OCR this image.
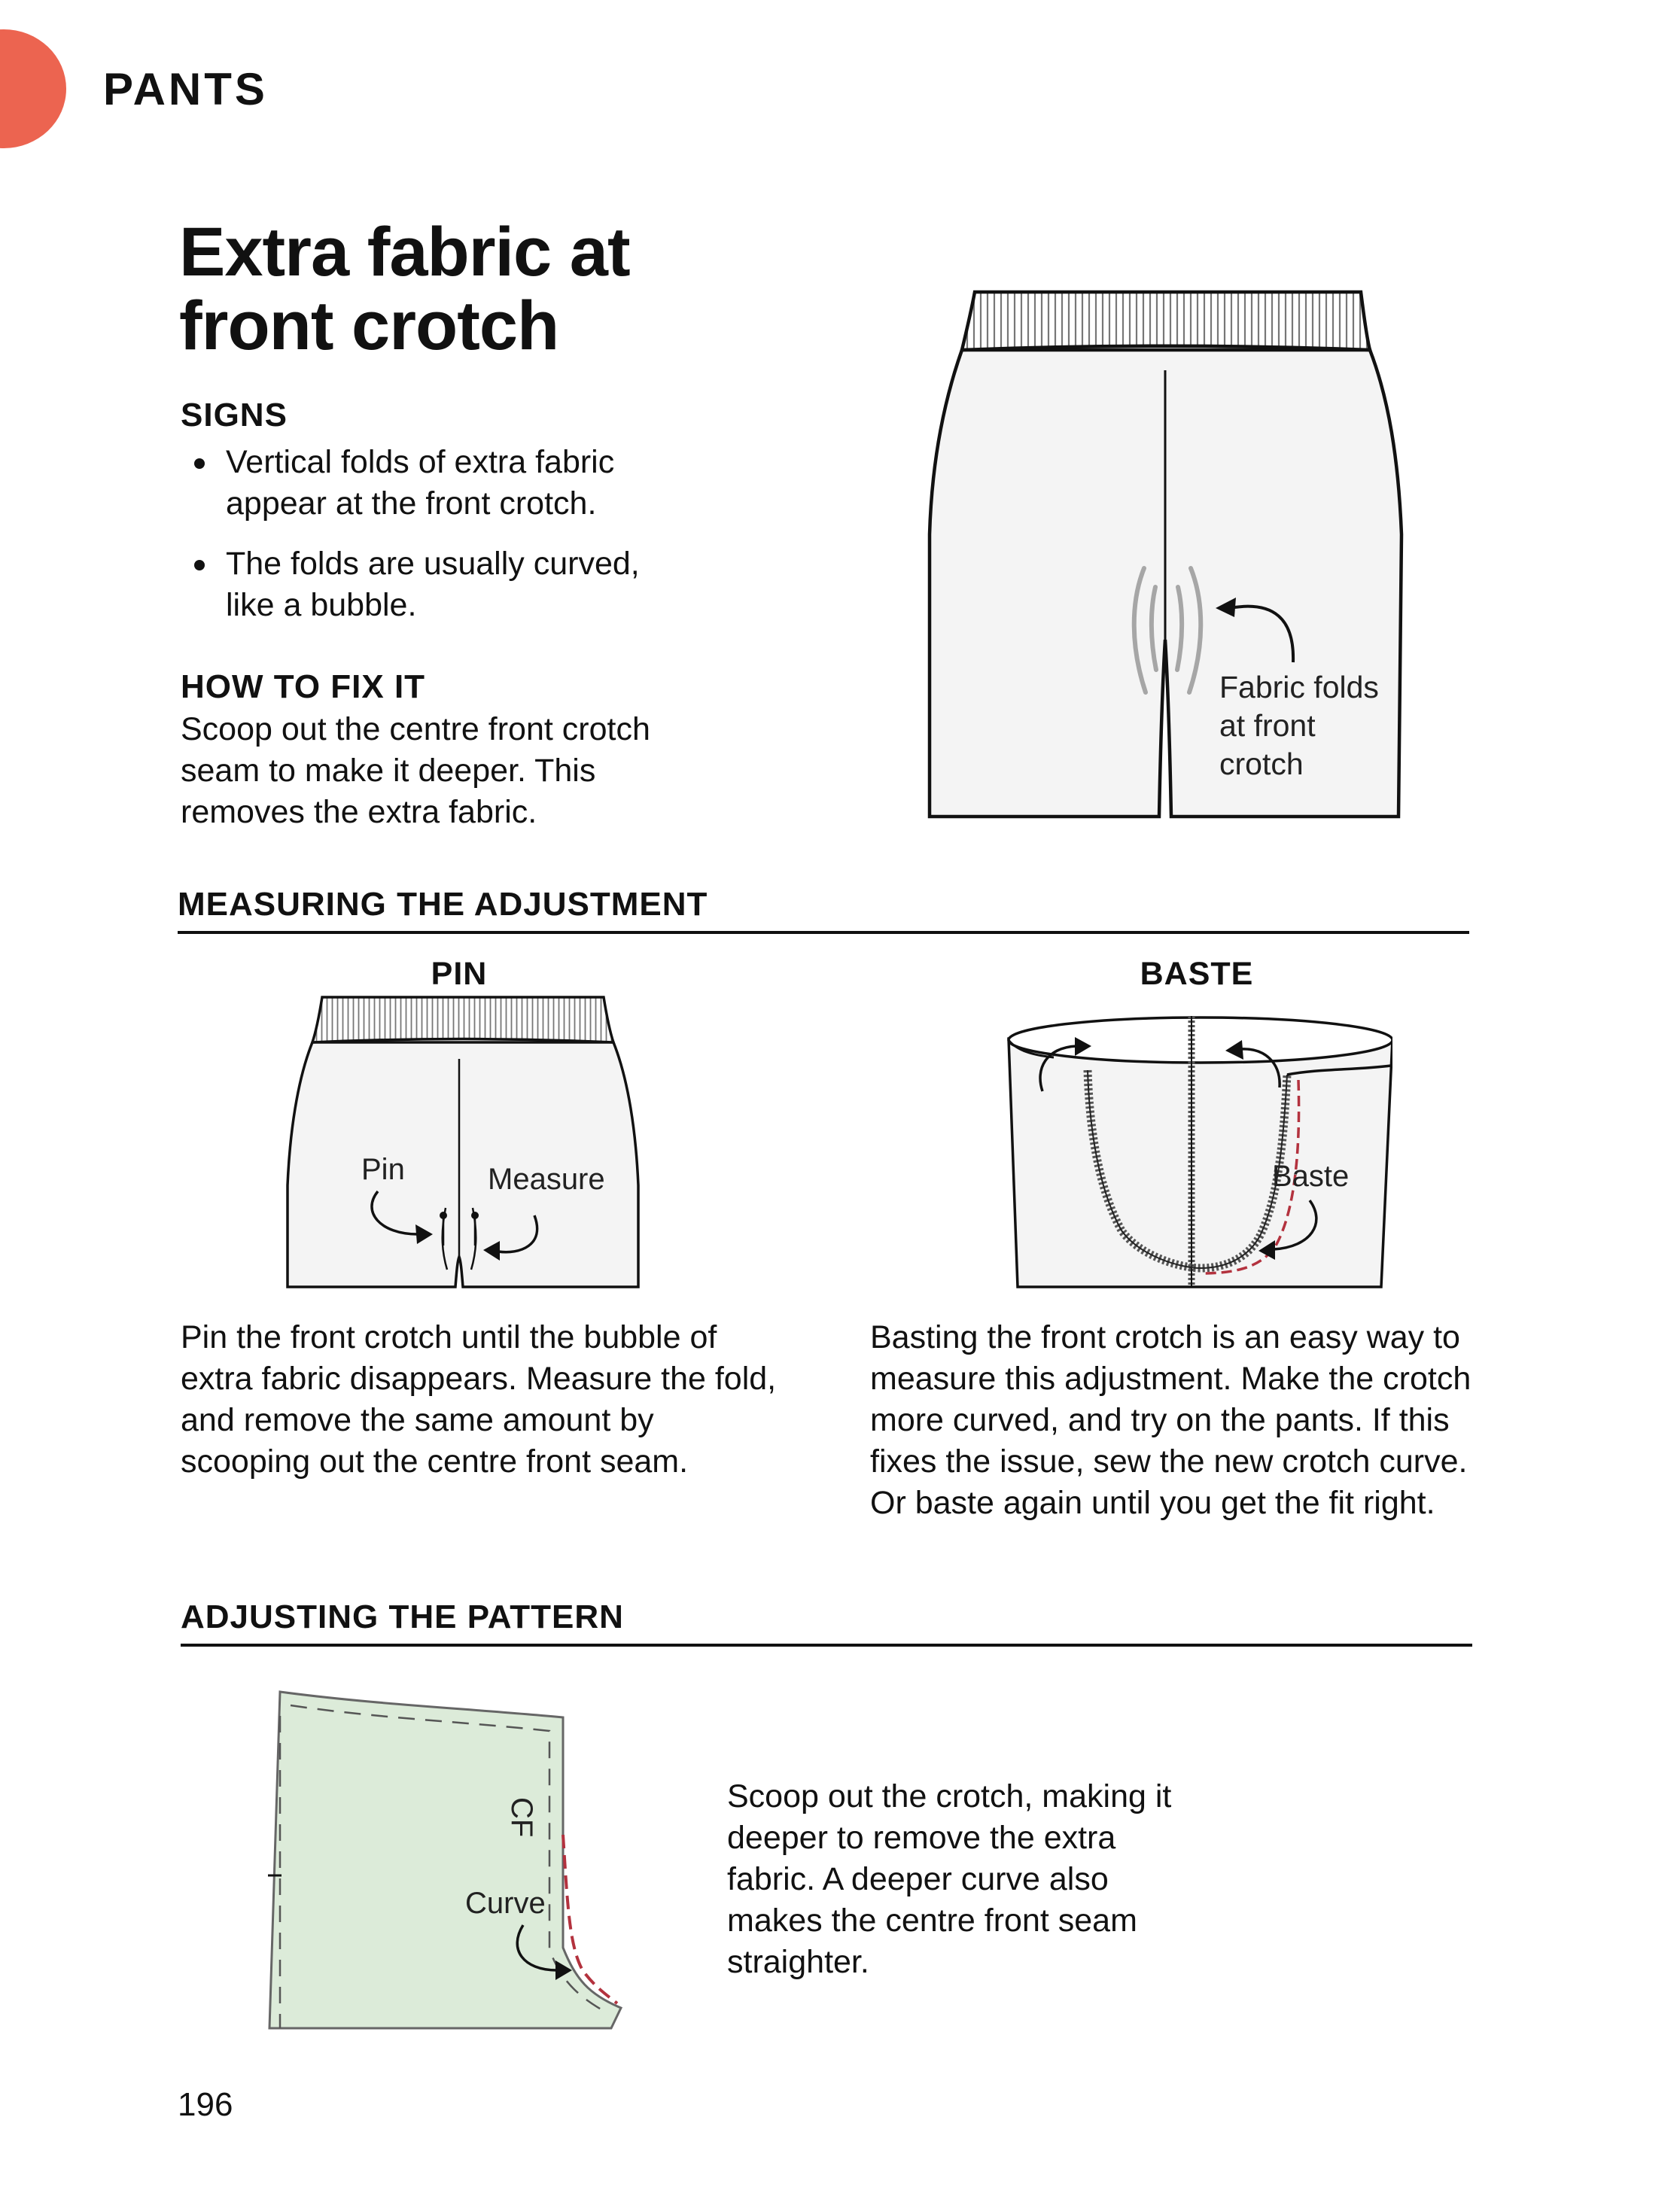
PANTS
Extra fabric at front crotch
SIGNS
Vertical folds of extra fabric appear at the front crotch.
The folds are usually curved, like a bubble.
HOW TO FIX IT
Scoop out the centre front crotch seam to make it deeper. This removes the extra fabric.
Fabric folds
at front
crotch
MEASURING THE ADJUSTMENT
PIN	BASTE
Pin	Measure	Baste
Pin the front crotch until the bubble of extra fabric disappears. Measure the fold, and remove the same amount by scooping out the centre front seam.
Basting the front crotch is an easy way to measure this adjustment. Make the crotch more curved, and try on the pants. If this fixes the issue, sew the new crotch curve. Or baste again until you get the fit right.
ADJUSTING THE PATTERN
CF
Curve
Scoop out the crotch, making it deeper to remove the extra fabric. A deeper curve also makes the centre front seam straighter.
196
